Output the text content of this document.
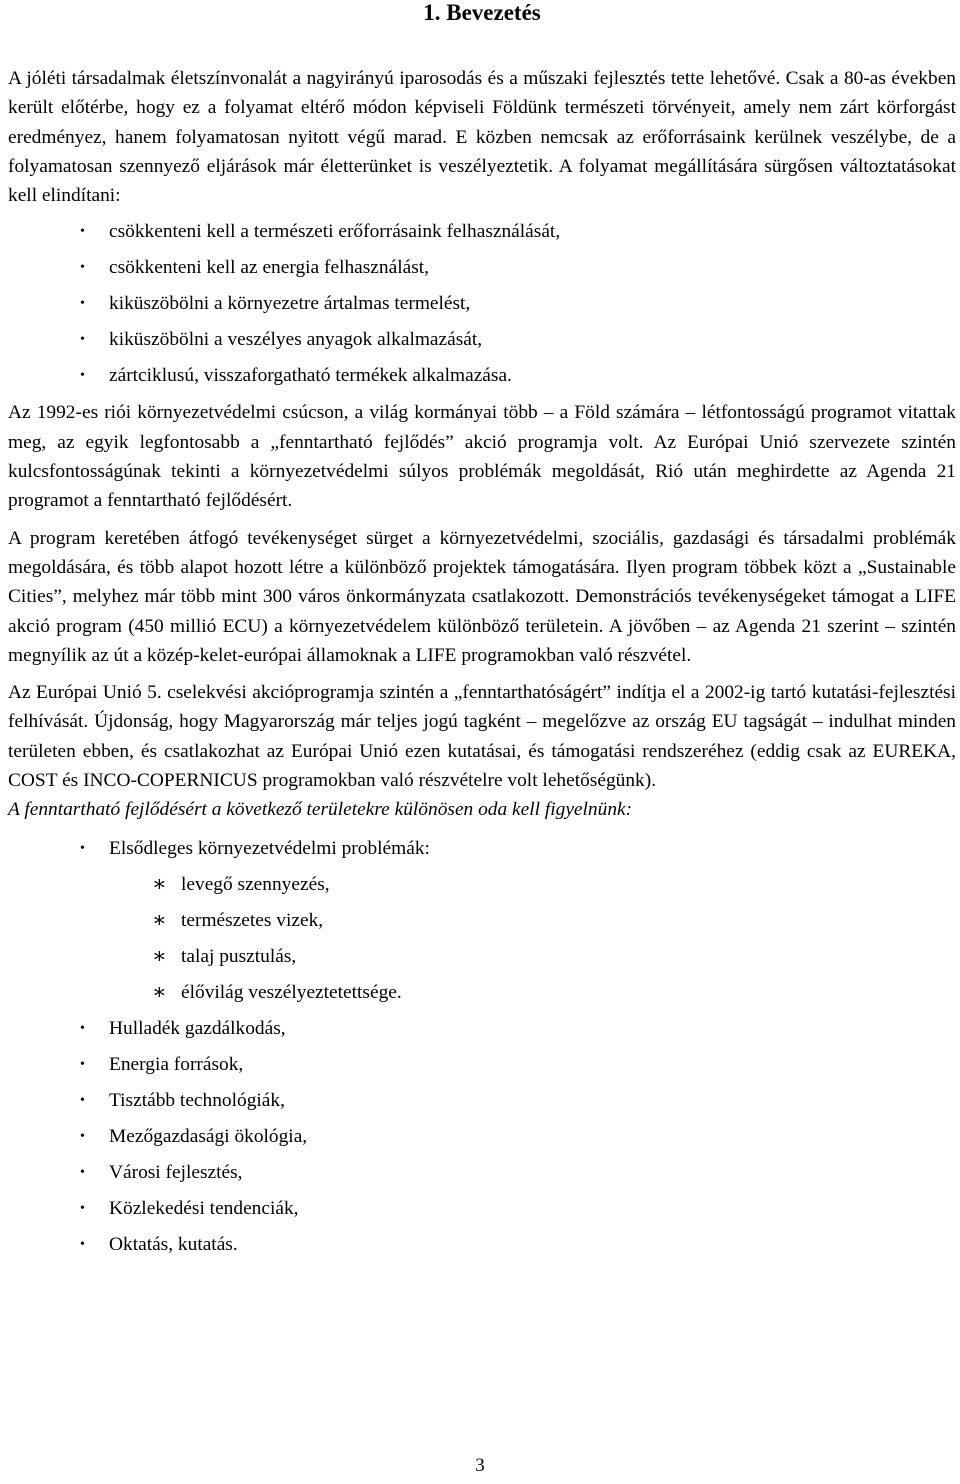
1. Bevezetés

A jóléti társadalmak életszínvonalát a nagyirányú iparosodás és a műszaki fejlesztés tette lehetővé. Csak a 80-as években került előtérbe, hogy ez a folyamat eltérő módon képviseli Földünk természeti törvényeit, amely nem zárt körforgást eredményez, hanem folyamatosan nyitott végű marad. E közben nemcsak az erőforrásaink kerülnek veszélybe, de a folyamatosan szennyező eljárások már életterünket is veszélyeztetik. A folyamat megállítására sürgősen változtatásokat kell elindítani:

• csökkenteni kell a természeti erőforrásaink felhasználását,
• csökkenteni kell az energia felhasználást,
• kiküszöbölni a környezetre ártalmas termelést,
• kiküszöbölni a veszélyes anyagok alkalmazását,
• zártciklusú, visszaforgatható termékek alkalmazása.

Az 1992-es riói környezetvédelmi csúcson, a világ kormányai több – a Föld számára – létfontosságú programot vitattak meg, az egyik legfontosabb a „fenntartható fejlődés” akció programja volt. Az Európai Unió szervezete szintén kulcsfontosságúnak tekinti a környezetvédelmi súlyos problémák megoldását, Rió után meghirdette az Agenda 21 programot a fenntartható fejlődésért.

A program keretében átfogó tevékenységet sürget a környezetvédelmi, szociális, gazdasági és társadalmi problémák megoldására, és több alapot hozott létre a különböző projektek támogatására. Ilyen program többek közt a „Sustainable Cities”, melyhez már több mint 300 város önkormányzata csatlakozott. Demonstrációs tevékenységeket támogat a LIFE akció program (450 millió ECU) a környezetvédelem különböző területein. A jövőben – az Agenda 21 szerint – szintén megnyílik az út a közép-kelet-európai államoknak a LIFE programokban való részvétel.

Az Európai Unió 5. cselekvési akcióprogramja szintén a „fenntarthatóságért” indítja el a 2002-ig tartó kutatási-fejlesztési felhívását. Újdonság, hogy Magyarország már teljes jogú tagként – megelőzve az ország EU tagságát – indulhat minden területen ebben, és csatlakozhat az Európai Unió ezen kutatásai, és támogatási rendszeréhez (eddig csak az EUREKA, COST és INCO-COPERNICUS programokban való részvételre volt lehetőségünk).

A fenntartható fejlődésért a következő területekre különösen oda kell figyelnünk:

• Elsődleges környezetvédelmi problémák:
∗ levegő szennyezés,
∗ természetes vizek,
∗ talaj pusztulás,
∗ élővilág veszélyeztetettsége.
• Hulladék gazdálkodás,
• Energia források,
• Tisztább technológiák,
• Mezőgazdasági ökológia,
• Városi fejlesztés,
• Közlekedési tendenciák,
• Oktatás, kutatás.
3
